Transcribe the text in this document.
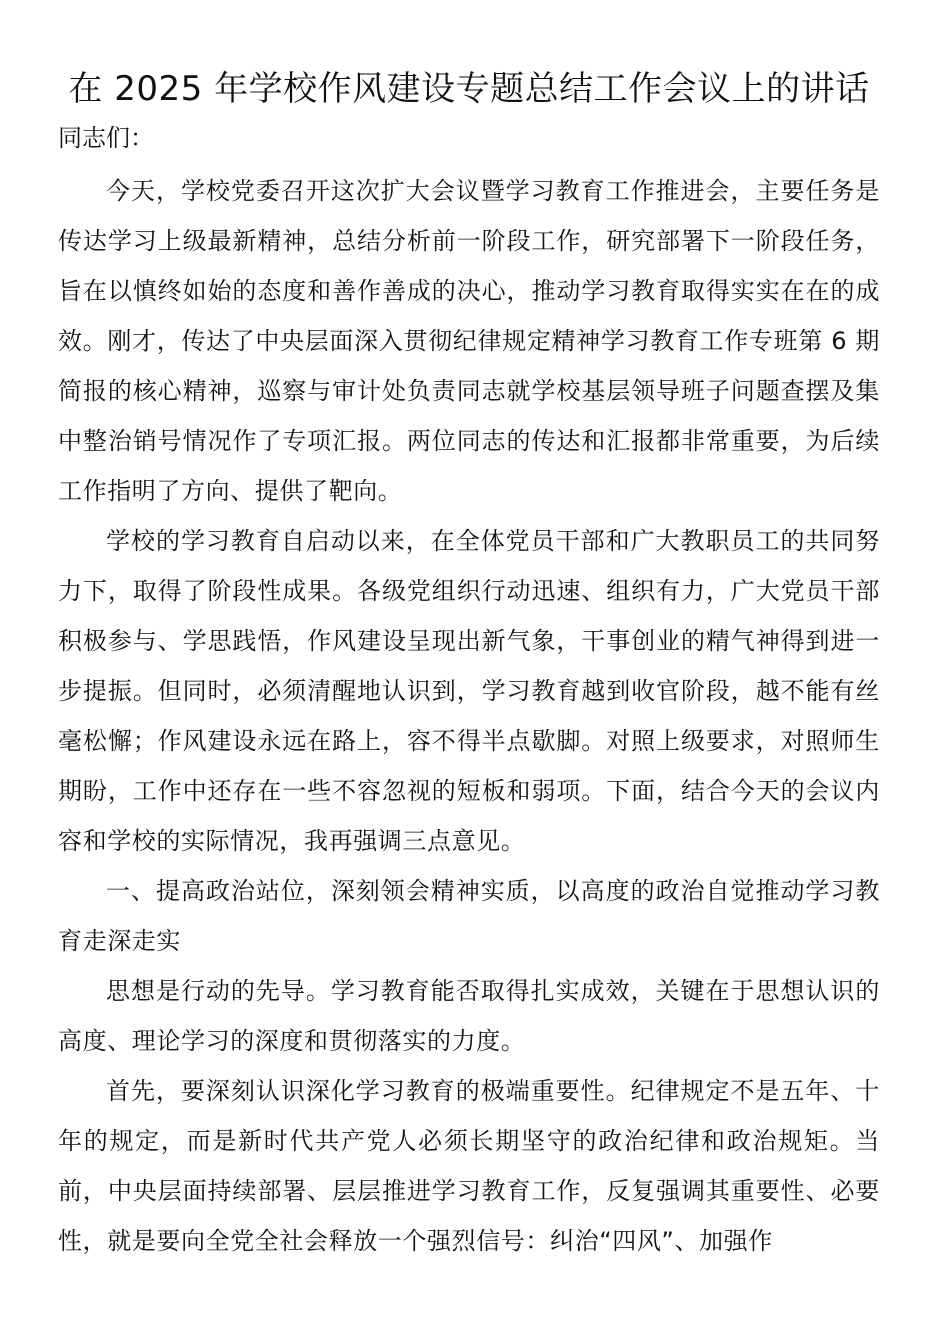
在 2025 年学校作风建设专题总结工作会议上的讲话

同志们：

今天，学校党委召开这次扩大会议暨学习教育工作推进会，主要任务是传达学习上级最新精神，总结分析前一阶段工作，研究部署下一阶段任务，旨在以慎终如始的态度和善作善成的决心，推动学习教育取得实实在在的成效。刚才，传达了中央层面深入贯彻纪律规定精神学习教育工作专班第 6 期简报的核心精神，巡察与审计处负责同志就学校基层领导班子问题查摆及集中整治销号情况作了专项汇报。两位同志的传达和汇报都非常重要，为后续工作指明了方向、提供了靶向。

学校的学习教育自启动以来，在全体党员干部和广大教职员工的共同努力下，取得了阶段性成果。各级党组织行动迅速、组织有力，广大党员干部积极参与、学思践悟，作风建设呈现出新气象，干事创业的精气神得到进一步提振。但同时，必须清醒地认识到，学习教育越到收官阶段，越不能有丝毫松懈；作风建设永远在路上，容不得半点歇脚。对照上级要求，对照师生期盼，工作中还存在一些不容忽视的短板和弱项。下面，结合今天的会议内容和学校的实际情况，我再强调三点意见。

一、提高政治站位，深刻领会精神实质，以高度的政治自觉推动学习教育走深走实

思想是行动的先导。学习教育能否取得扎实成效，关键在于思想认识的高度、理论学习的深度和贯彻落实的力度。

首先，要深刻认识深化学习教育的极端重要性。纪律规定不是五年、十年的规定，而是新时代共产党人必须长期坚守的政治纪律和政治规矩。当前，中央层面持续部署、层层推进学习教育工作，反复强调其重要性、必要性，就是要向全党全社会释放一个强烈信号：纠治“四风”、加强作
